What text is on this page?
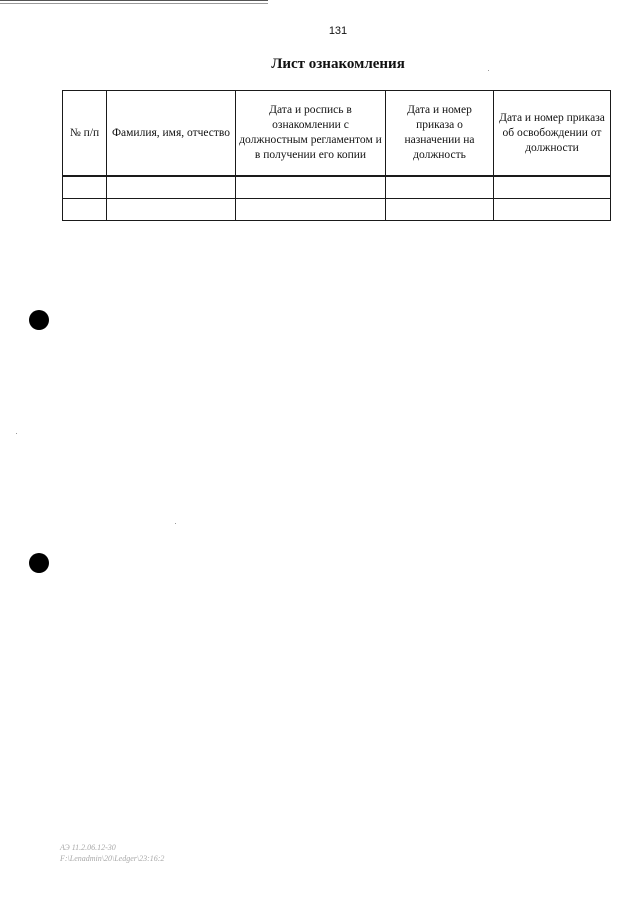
131
Лист ознакомления
№ п/п	Фамилия, имя, отчество	Дата и роспись в ознакомлении с должностным регламентом и в получении его копии	Дата и номер приказа о назначении на должность	Дата и номер приказа об освобождении от должности

АЭ 11.2.06.12-30
F:\Lenadmin\20\Ledger\23:16:2
